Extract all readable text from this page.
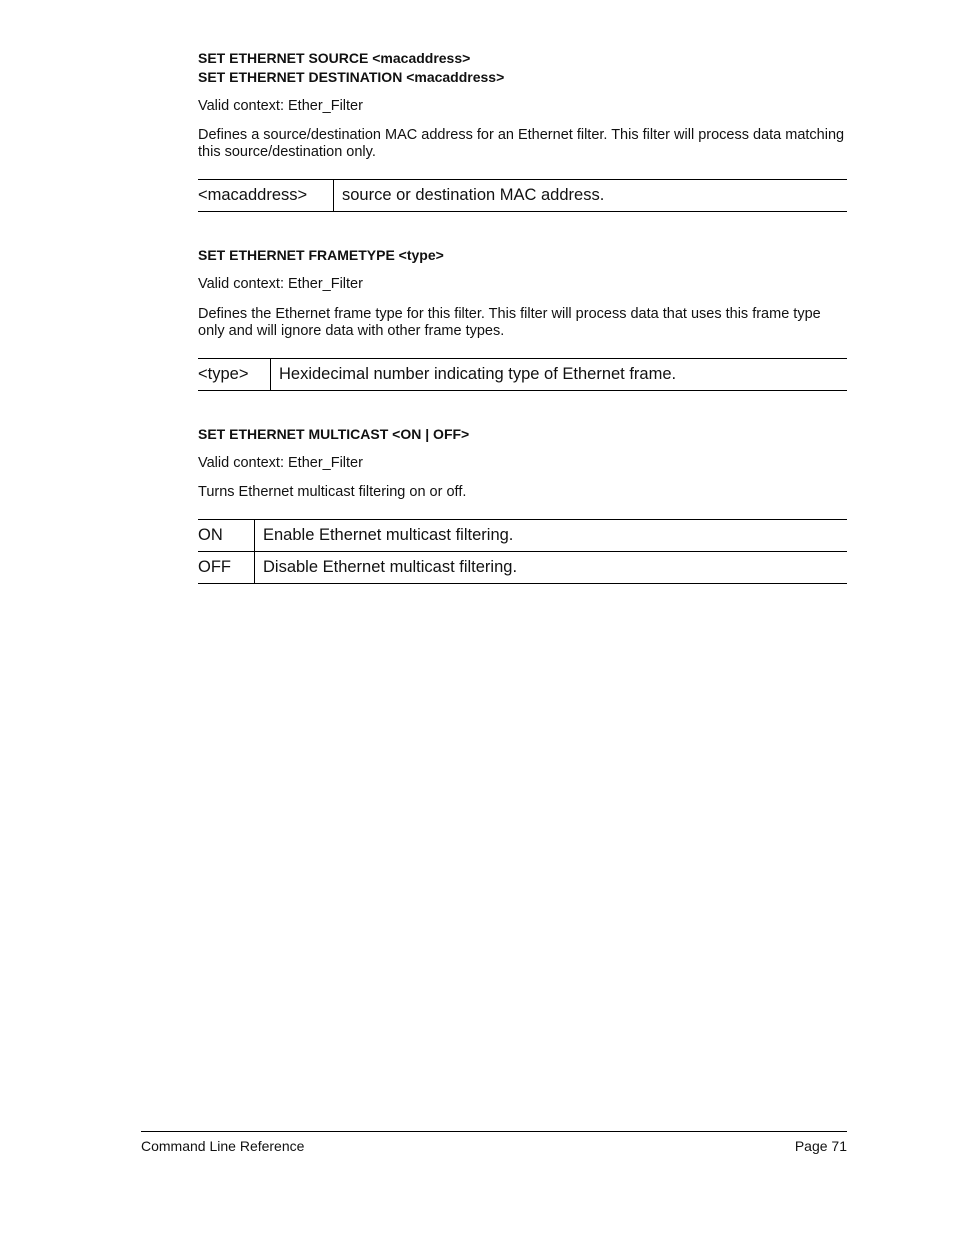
SET ETHERNET SOURCE <macaddress>
SET ETHERNET DESTINATION <macaddress>
Valid context: Ether_Filter
Defines a source/destination MAC address for an Ethernet filter. This filter will process data matching this source/destination only.
<macaddress>	source or destination MAC address.
SET ETHERNET FRAMETYPE <type>
Valid context: Ether_Filter
Defines the Ethernet frame type for this filter. This filter will process data that uses this frame type only and will ignore data with other frame types.
<type>	Hexidecimal number indicating type of Ethernet frame.
SET ETHERNET MULTICAST <ON | OFF>
Valid context: Ether_Filter
Turns Ethernet multicast filtering on or off.
ON	Enable Ethernet multicast filtering.
OFF	Disable Ethernet multicast filtering.
Command Line Reference	Page 71
